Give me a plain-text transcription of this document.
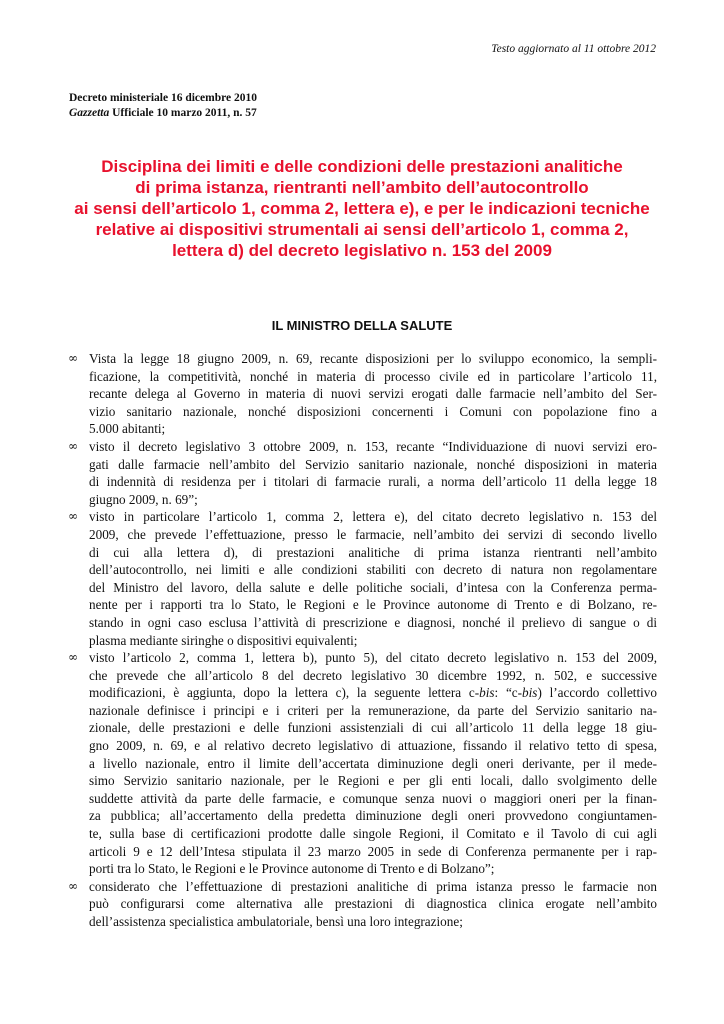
Testo aggiornato al 11 ottobre 2012
Decreto ministeriale 16 dicembre 2010
Gazzetta Ufficiale 10 marzo 2011, n. 57
Disciplina dei limiti e delle condizioni delle prestazioni analitiche
di prima istanza, rientranti nell’ambito dell’autocontrollo
ai sensi dell’articolo 1, comma 2, lettera e), e per le indicazioni tecniche
relative ai dispositivi strumentali ai sensi dell’articolo 1, comma 2,
lettera d) del decreto legislativo n. 153 del 2009
IL MINISTRO DELLA SALUTE
∞ Vista la legge 18 giugno 2009, n. 69, recante disposizioni per lo sviluppo economico, la sempli-
ficazione, la competitività, nonché in materia di processo civile ed in particolare l’articolo 11,
recante delega al Governo in materia di nuovi servizi erogati dalle farmacie nell’ambito del Ser-
vizio sanitario nazionale, nonché disposizioni concernenti i Comuni con popolazione fino a
5.000 abitanti;
∞ visto il decreto legislativo 3 ottobre 2009, n. 153, recante “Individuazione di nuovi servizi ero-
gati dalle farmacie nell’ambito del Servizio sanitario nazionale, nonché disposizioni in materia
di indennità di residenza per i titolari di farmacie rurali, a norma dell’articolo 11 della legge 18
giugno 2009, n. 69”;
∞ visto in particolare l’articolo 1, comma 2, lettera e), del citato decreto legislativo n. 153 del
2009, che prevede l’effettuazione, presso le farmacie, nell’ambito dei servizi di secondo livello
di cui alla lettera d), di prestazioni analitiche di prima istanza rientranti nell’ambito
dell’autocontrollo, nei limiti e alle condizioni stabiliti con decreto di natura non regolamentare
del Ministro del lavoro, della salute e delle politiche sociali, d’intesa con la Conferenza perma-
nente per i rapporti tra lo Stato, le Regioni e le Province autonome di Trento e di Bolzano, re-
stando in ogni caso esclusa l’attività di prescrizione e diagnosi, nonché il prelievo di sangue o di
plasma mediante siringhe o dispositivi equivalenti;
∞ visto l’articolo 2, comma 1, lettera b), punto 5), del citato decreto legislativo n. 153 del 2009,
che prevede che all’articolo 8 del decreto legislativo 30 dicembre 1992, n. 502, e successive
modificazioni, è aggiunta, dopo la lettera c), la seguente lettera c-bis: “c-bis) l’accordo collettivo
nazionale definisce i principi e i criteri per la remunerazione, da parte del Servizio sanitario na-
zionale, delle prestazioni e delle funzioni assistenziali di cui all’articolo 11 della legge 18 giu-
gno 2009, n. 69, e al relativo decreto legislativo di attuazione, fissando il relativo tetto di spesa,
a livello nazionale, entro il limite dell’accertata diminuzione degli oneri derivante, per il mede-
simo Servizio sanitario nazionale, per le Regioni e per gli enti locali, dallo svolgimento delle
suddette attività da parte delle farmacie, e comunque senza nuovi o maggiori oneri per la finan-
za pubblica; all’accertamento della predetta diminuzione degli oneri provvedono congiuntamen-
te, sulla base di certificazioni prodotte dalle singole Regioni, il Comitato e il Tavolo di cui agli
articoli 9 e 12 dell’Intesa stipulata il 23 marzo 2005 in sede di Conferenza permanente per i rap-
porti tra lo Stato, le Regioni e le Province autonome di Trento e di Bolzano”;
∞ considerato che l’effettuazione di prestazioni analitiche di prima istanza presso le farmacie non
può configurarsi come alternativa alle prestazioni di diagnostica clinica erogate nell’ambito
dell’assistenza specialistica ambulatoriale, bensì una loro integrazione;
